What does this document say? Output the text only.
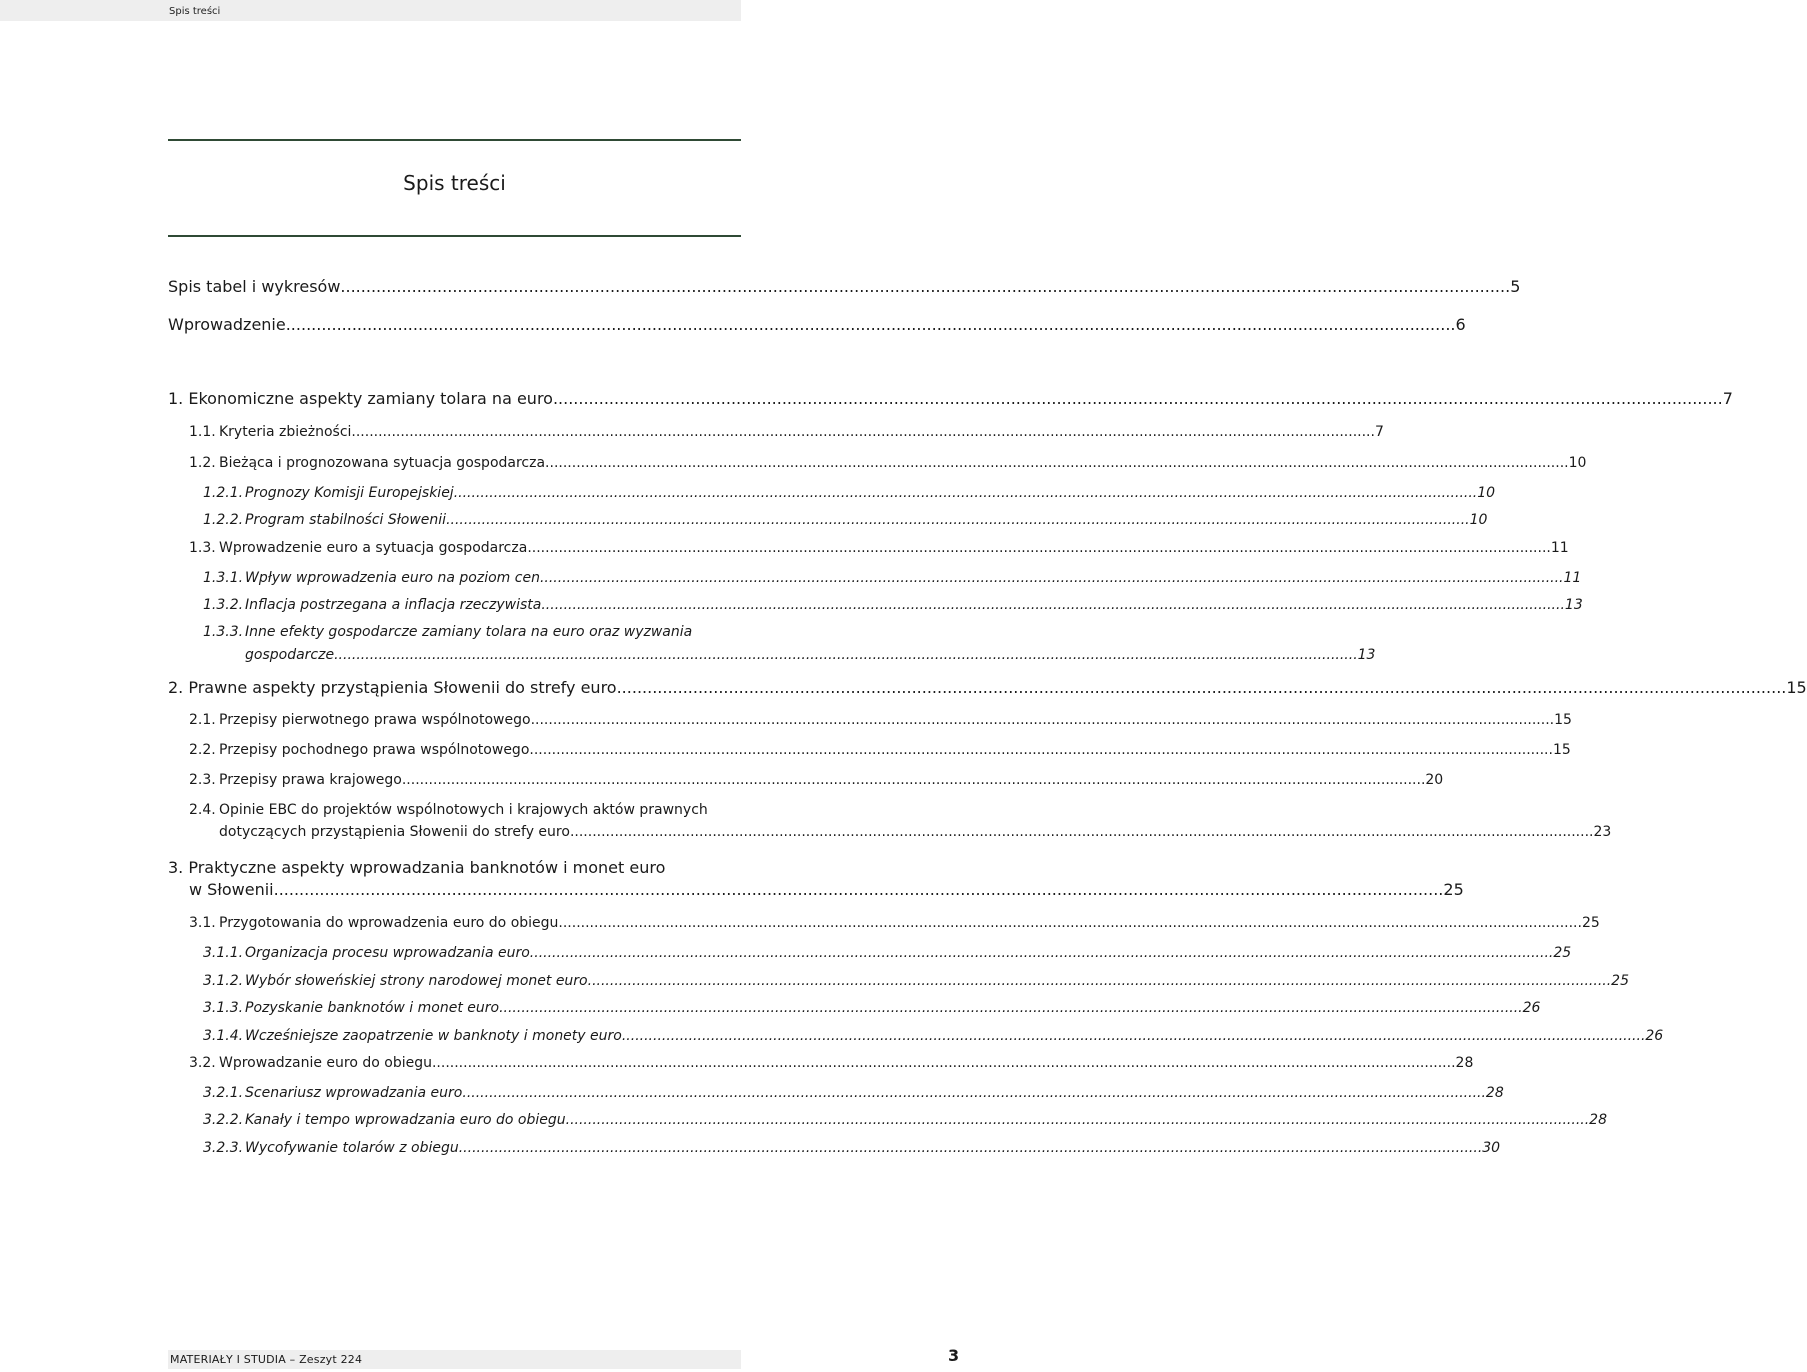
Spis treści
Spis treści
Spis tabel i wykresów .....	5
Wprowadzenie .....	6
1. Ekonomiczne aspekty zamiany tolara na euro .....	7
1.1. Kryteria zbieżności .....	7
1.2. Bieżąca i prognozowana sytuacja gospodarcza .....	10
1.2.1. Prognozy Komisji Europejskiej .....	10
1.2.2. Program stabilności Słowenii .....	10
1.3. Wprowadzenie euro a sytuacja gospodarcza .....	11
1.3.1. Wpływ wprowadzenia euro na poziom cen .....	11
1.3.2. Inflacja postrzegana a inflacja rzeczywista .....	13
1.3.3. Inne efekty gospodarcze zamiany tolara na euro oraz wyzwania
gospodarcze .....	13
2. Prawne aspekty przystąpienia Słowenii do strefy euro .....	15
2.1. Przepisy pierwotnego prawa wspólnotowego .....	15
2.2. Przepisy pochodnego prawa wspólnotowego .....	15
2.3. Przepisy prawa krajowego .....	20
2.4. Opinie EBC do projektów wspólnotowych i krajowych aktów prawnych
dotyczących przystąpienia Słowenii do strefy euro .....	23
3. Praktyczne aspekty wprowadzania banknotów i monet euro
w Słowenii .....	25
3.1. Przygotowania do wprowadzenia euro do obiegu .....	25
3.1.1. Organizacja procesu wprowadzania euro .....	25
3.1.2. Wybór słoweńskiej strony narodowej monet euro .....	25
3.1.3. Pozyskanie banknotów i monet euro .....	26
3.1.4. Wcześniejsze zaopatrzenie w banknoty i monety euro .....	26
3.2. Wprowadzanie euro do obiegu .....	28
3.2.1. Scenariusz wprowadzania euro .....	28
3.2.2. Kanały i tempo wprowadzania euro do obiegu .....	28
3.2.3. Wycofywanie tolarów z obiegu .....	30
MATERIAŁY I STUDIA – Zeszyt 224	3
